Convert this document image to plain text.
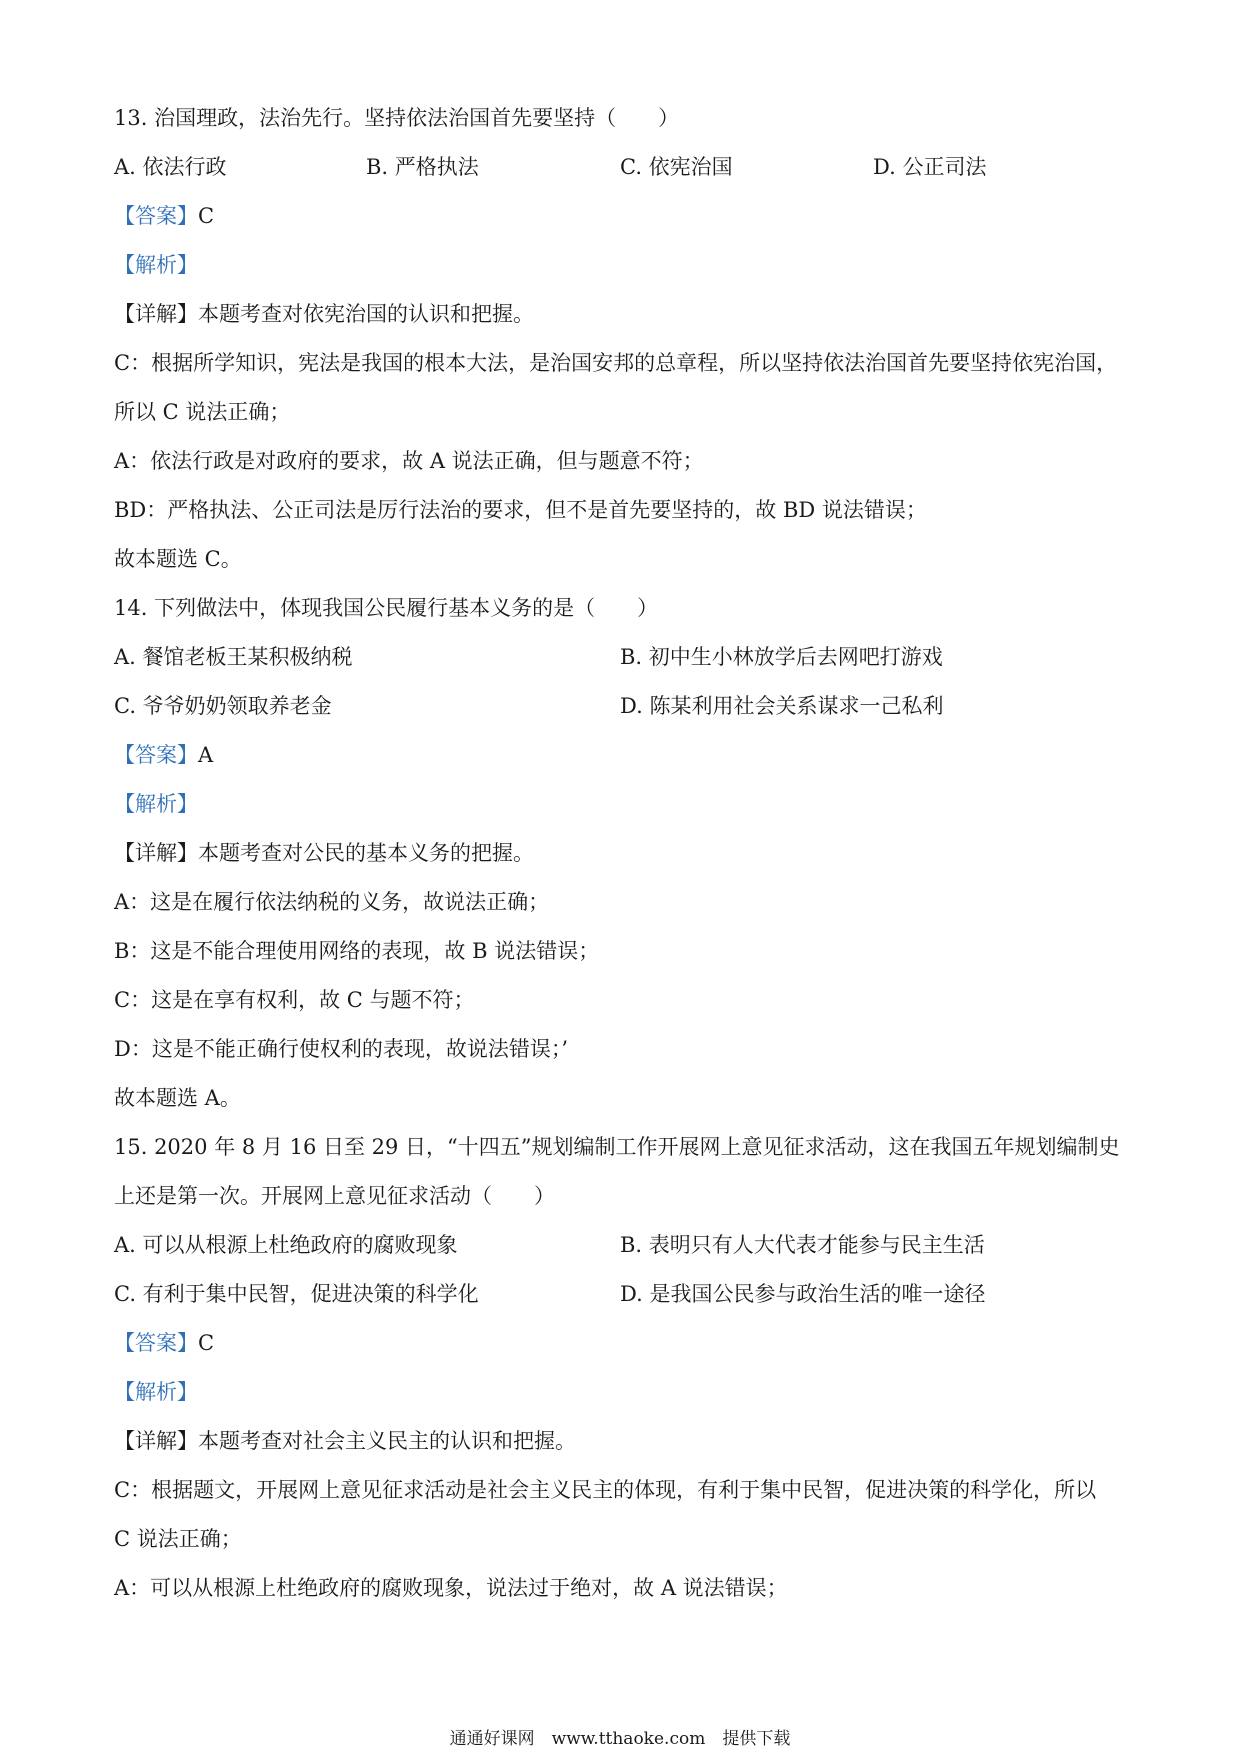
13. 治国理政，法治先行。坚持依法治国首先要坚持（　　）
A. 依法行政	B. 严格执法	C. 依宪治国	D. 公正司法
【答案】C
【解析】
【详解】本题考查对依宪治国的认识和把握。
C：根据所学知识，宪法是我国的根本大法，是治国安邦的总章程，所以坚持依法治国首先要坚持依宪治国，
所以 C 说法正确；
A：依法行政是对政府的要求，故 A 说法正确，但与题意不符；
BD：严格执法、公正司法是厉行法治的要求，但不是首先要坚持的，故 BD 说法错误；
故本题选 C。
14. 下列做法中，体现我国公民履行基本义务的是（　　）
A. 餐馆老板王某积极纳税	B. 初中生小林放学后去网吧打游戏
C. 爷爷奶奶领取养老金	D. 陈某利用社会关系谋求一己私利
【答案】A
【解析】
【详解】本题考查对公民的基本义务的把握。
A：这是在履行依法纳税的义务，故说法正确；
B：这是不能合理使用网络的表现，故 B 说法错误；
C：这是在享有权利，故 C 与题不符；
D：这是不能正确行使权利的表现，故说法错误；’
故本题选 A。
15. 2020 年 8 月 16 日至 29 日，“十四五”规划编制工作开展网上意见征求活动，这在我国五年规划编制史
上还是第一次。开展网上意见征求活动（　　）
A. 可以从根源上杜绝政府的腐败现象	B. 表明只有人大代表才能参与民主生活
C. 有利于集中民智，促进决策的科学化	D. 是我国公民参与政治生活的唯一途径
【答案】C
【解析】
【详解】本题考查对社会主义民主的认识和把握。
C：根据题文，开展网上意见征求活动是社会主义民主的体现，有利于集中民智，促进决策的科学化，所以
C 说法正确；
A：可以从根源上杜绝政府的腐败现象，说法过于绝对，故 A 说法错误；
通通好课网　www.tthaoke.com　提供下载
